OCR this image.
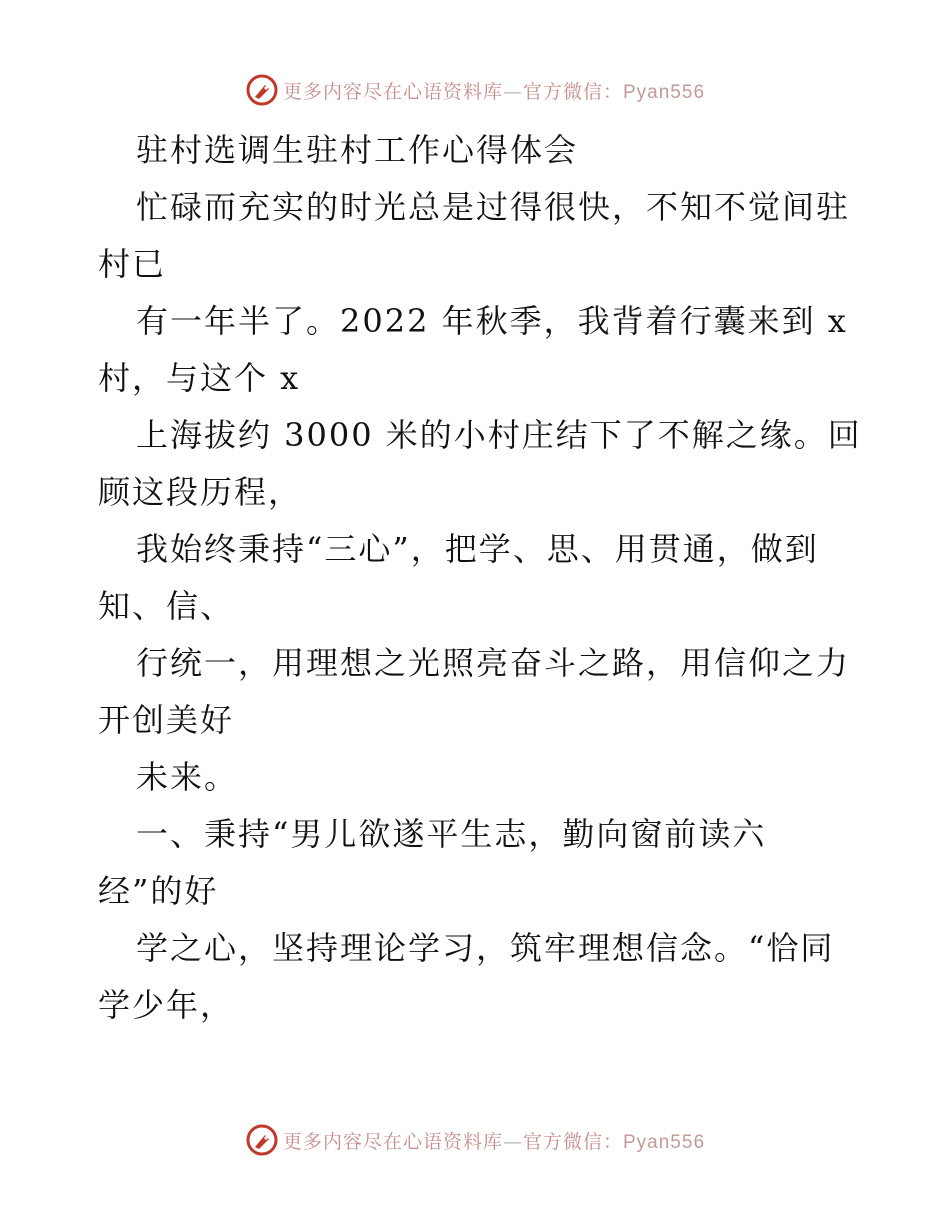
更多内容尽在心语资料库—官方微信：Pyan556
驻村选调生驻村工作心得体会
忙碌而充实的时光总是过得很快，不知不觉间驻
村已
有一年半了。2022 年秋季，我背着行囊来到 x
村，与这个 x
上海拔约 3000 米的小村庄结下了不解之缘。回
顾这段历程，
我始终秉持“三心”，把学、思、用贯通，做到
知、信、
行统一，用理想之光照亮奋斗之路，用信仰之力
开创美好
未来。
一、秉持“男儿欲遂平生志，勤向窗前读六
经”的好
学之心，坚持理论学习，筑牢理想信念。“恰同
学少年，
更多内容尽在心语资料库—官方微信：Pyan556
